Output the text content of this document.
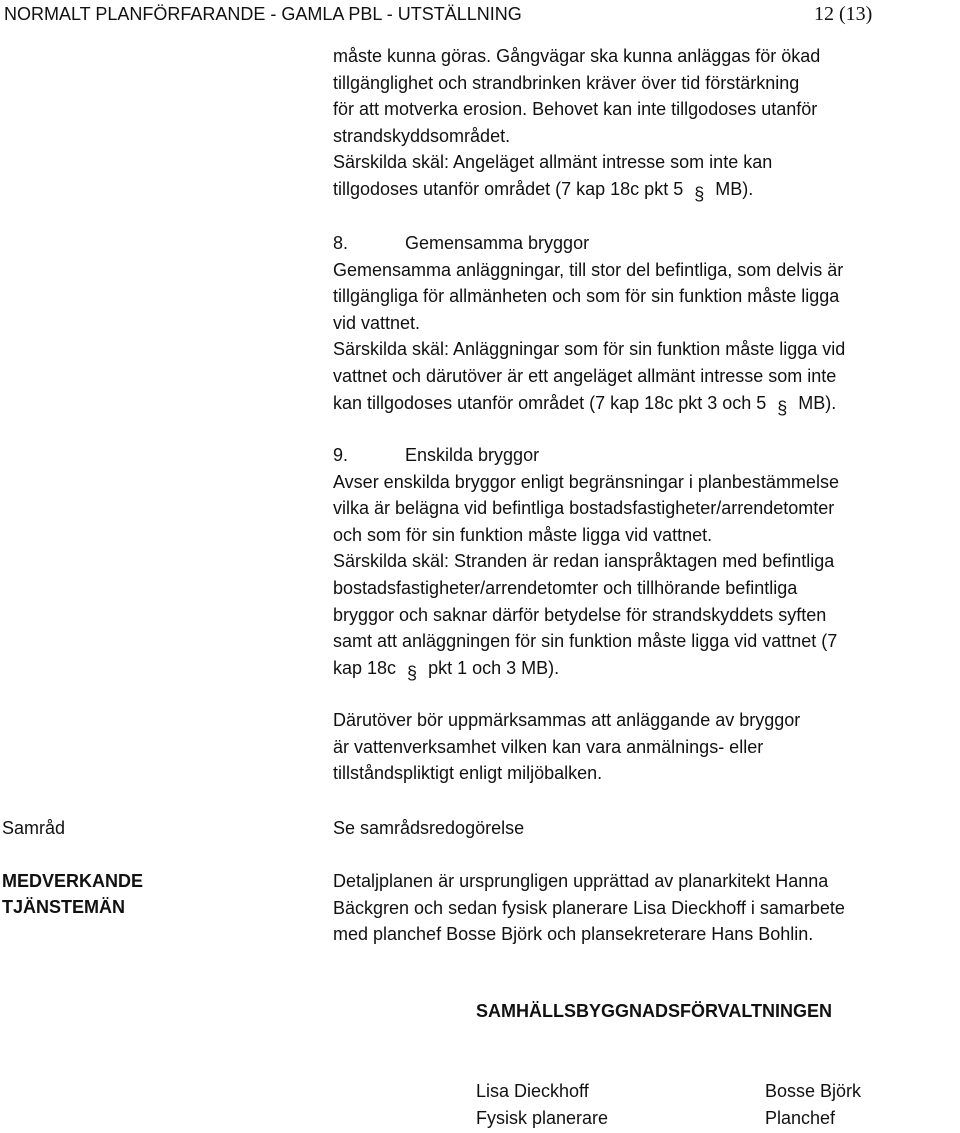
NORMALT PLANFÖRFARANDE - GAMLA PBL - UTSTÄLLNING	12 (13)
måste kunna göras. Gångvägar ska kunna anläggas för ökad
tillgänglighet och strandbrinken kräver över tid förstärkning
för att motverka erosion. Behovet kan inte tillgodoses utanför
strandskyddsområdet.
Särskilda skäl: Angeläget allmänt intresse som inte kan
tillgodoses utanför området (7 kap 18c pkt 5 § MB).
8.	Gemensamma bryggor
Gemensamma anläggningar, till stor del befintliga, som delvis är
tillgängliga för allmänheten och som för sin funktion måste ligga
vid vattnet.
Särskilda skäl: Anläggningar som för sin funktion måste ligga vid
vattnet och därutöver är ett angeläget allmänt intresse som inte
kan tillgodoses utanför området (7 kap 18c pkt 3 och 5 § MB).
9.	Enskilda bryggor
Avser enskilda bryggor enligt begränsningar i planbestämmelse
vilka är belägna vid befintliga bostadsfastigheter/arrendetomter
och som för sin funktion måste ligga vid vattnet.
Särskilda skäl: Stranden är redan ianspråktagen med befintliga
bostadsfastigheter/arrendetomter och tillhörande befintliga
bryggor och saknar därför betydelse för strandskyddets syften
samt att anläggningen för sin funktion måste ligga vid vattnet (7
kap 18c § pkt 1 och 3 MB).
Därutöver bör uppmärksammas att anläggande av bryggor
är vattenverksamhet vilken kan vara anmälnings- eller
tillståndspliktigt enligt miljöbalken.
Samråd	Se samrådsredogörelse
MEDVERKANDE
TJÄNSTEMÄN
Detaljplanen är ursprungligen upprättad av planarkitekt Hanna
Bäckgren och sedan fysisk planerare Lisa Dieckhoff i samarbete
med planchef Bosse Björk och plansekreterare Hans Bohlin.
SAMHÄLLSBYGGNADSFÖRVALTNINGEN
Lisa Dieckhoff
Fysisk planerare
Bosse Björk
Planchef
